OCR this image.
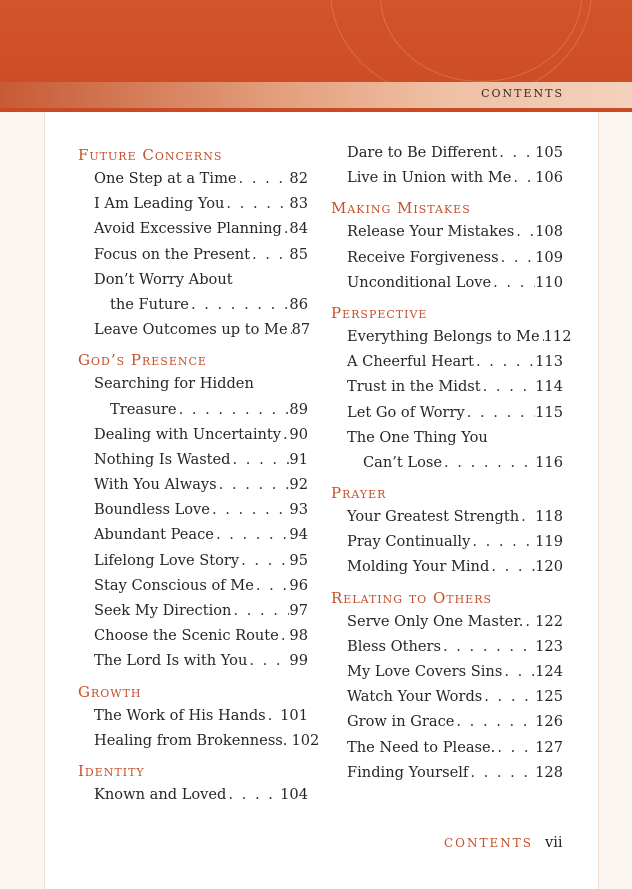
CONTENTS
Future Concerns
One Step at a Time . . .	82
I Am Leading You . . .	83
Avoid Excessive Planning . . . 84
Focus on the Present . . .	85
Don’t Worry About
the Future . . .	86
Leave Outcomes up to Me . . . 87
God’s Presence
Searching for Hidden
Treasure . . .	89
Dealing with Uncertainty . . . 90
Nothing Is Wasted . . .	91
With You Always . . .	92
Boundless Love . . .	93
Abundant Peace . . .	94
Lifelong Love Story . . .	95
Stay Conscious of Me . . . 96
Seek My Direction . . .	97
Choose the Scenic Route . . . 98
The Lord Is with You . . .	99
Growth
The Work of His Hands . . . 101
Healing from Brokenness. . . . 102
Identity
Known and Loved . . .	104
Dare to Be Different . . .	105
Live in Union with Me . . . 106
Making Mistakes
Release Your Mistakes . . . 108
Receive Forgiveness . . .	109
Unconditional Love . . .	110
Perspective
Everything Belongs to Me . . . 112
A Cheerful Heart . . .	113
Trust in the Midst . . .	114
Let Go of Worry . . .	115
The One Thing You
Can’t Lose . . .	116
Prayer
Your Greatest Strength . . . 118
Pray Continually . . .	119
Molding Your Mind . . .	120
Relating to Others
Serve Only One Master. . . . 122
Bless Others . . .	123
My Love Covers Sins . . . 124
Watch Your Words . . .	125
Grow in Grace . . .	126
The Need to Please. . . .	127
Finding Yourself . . .	128
CONTENTS vii
